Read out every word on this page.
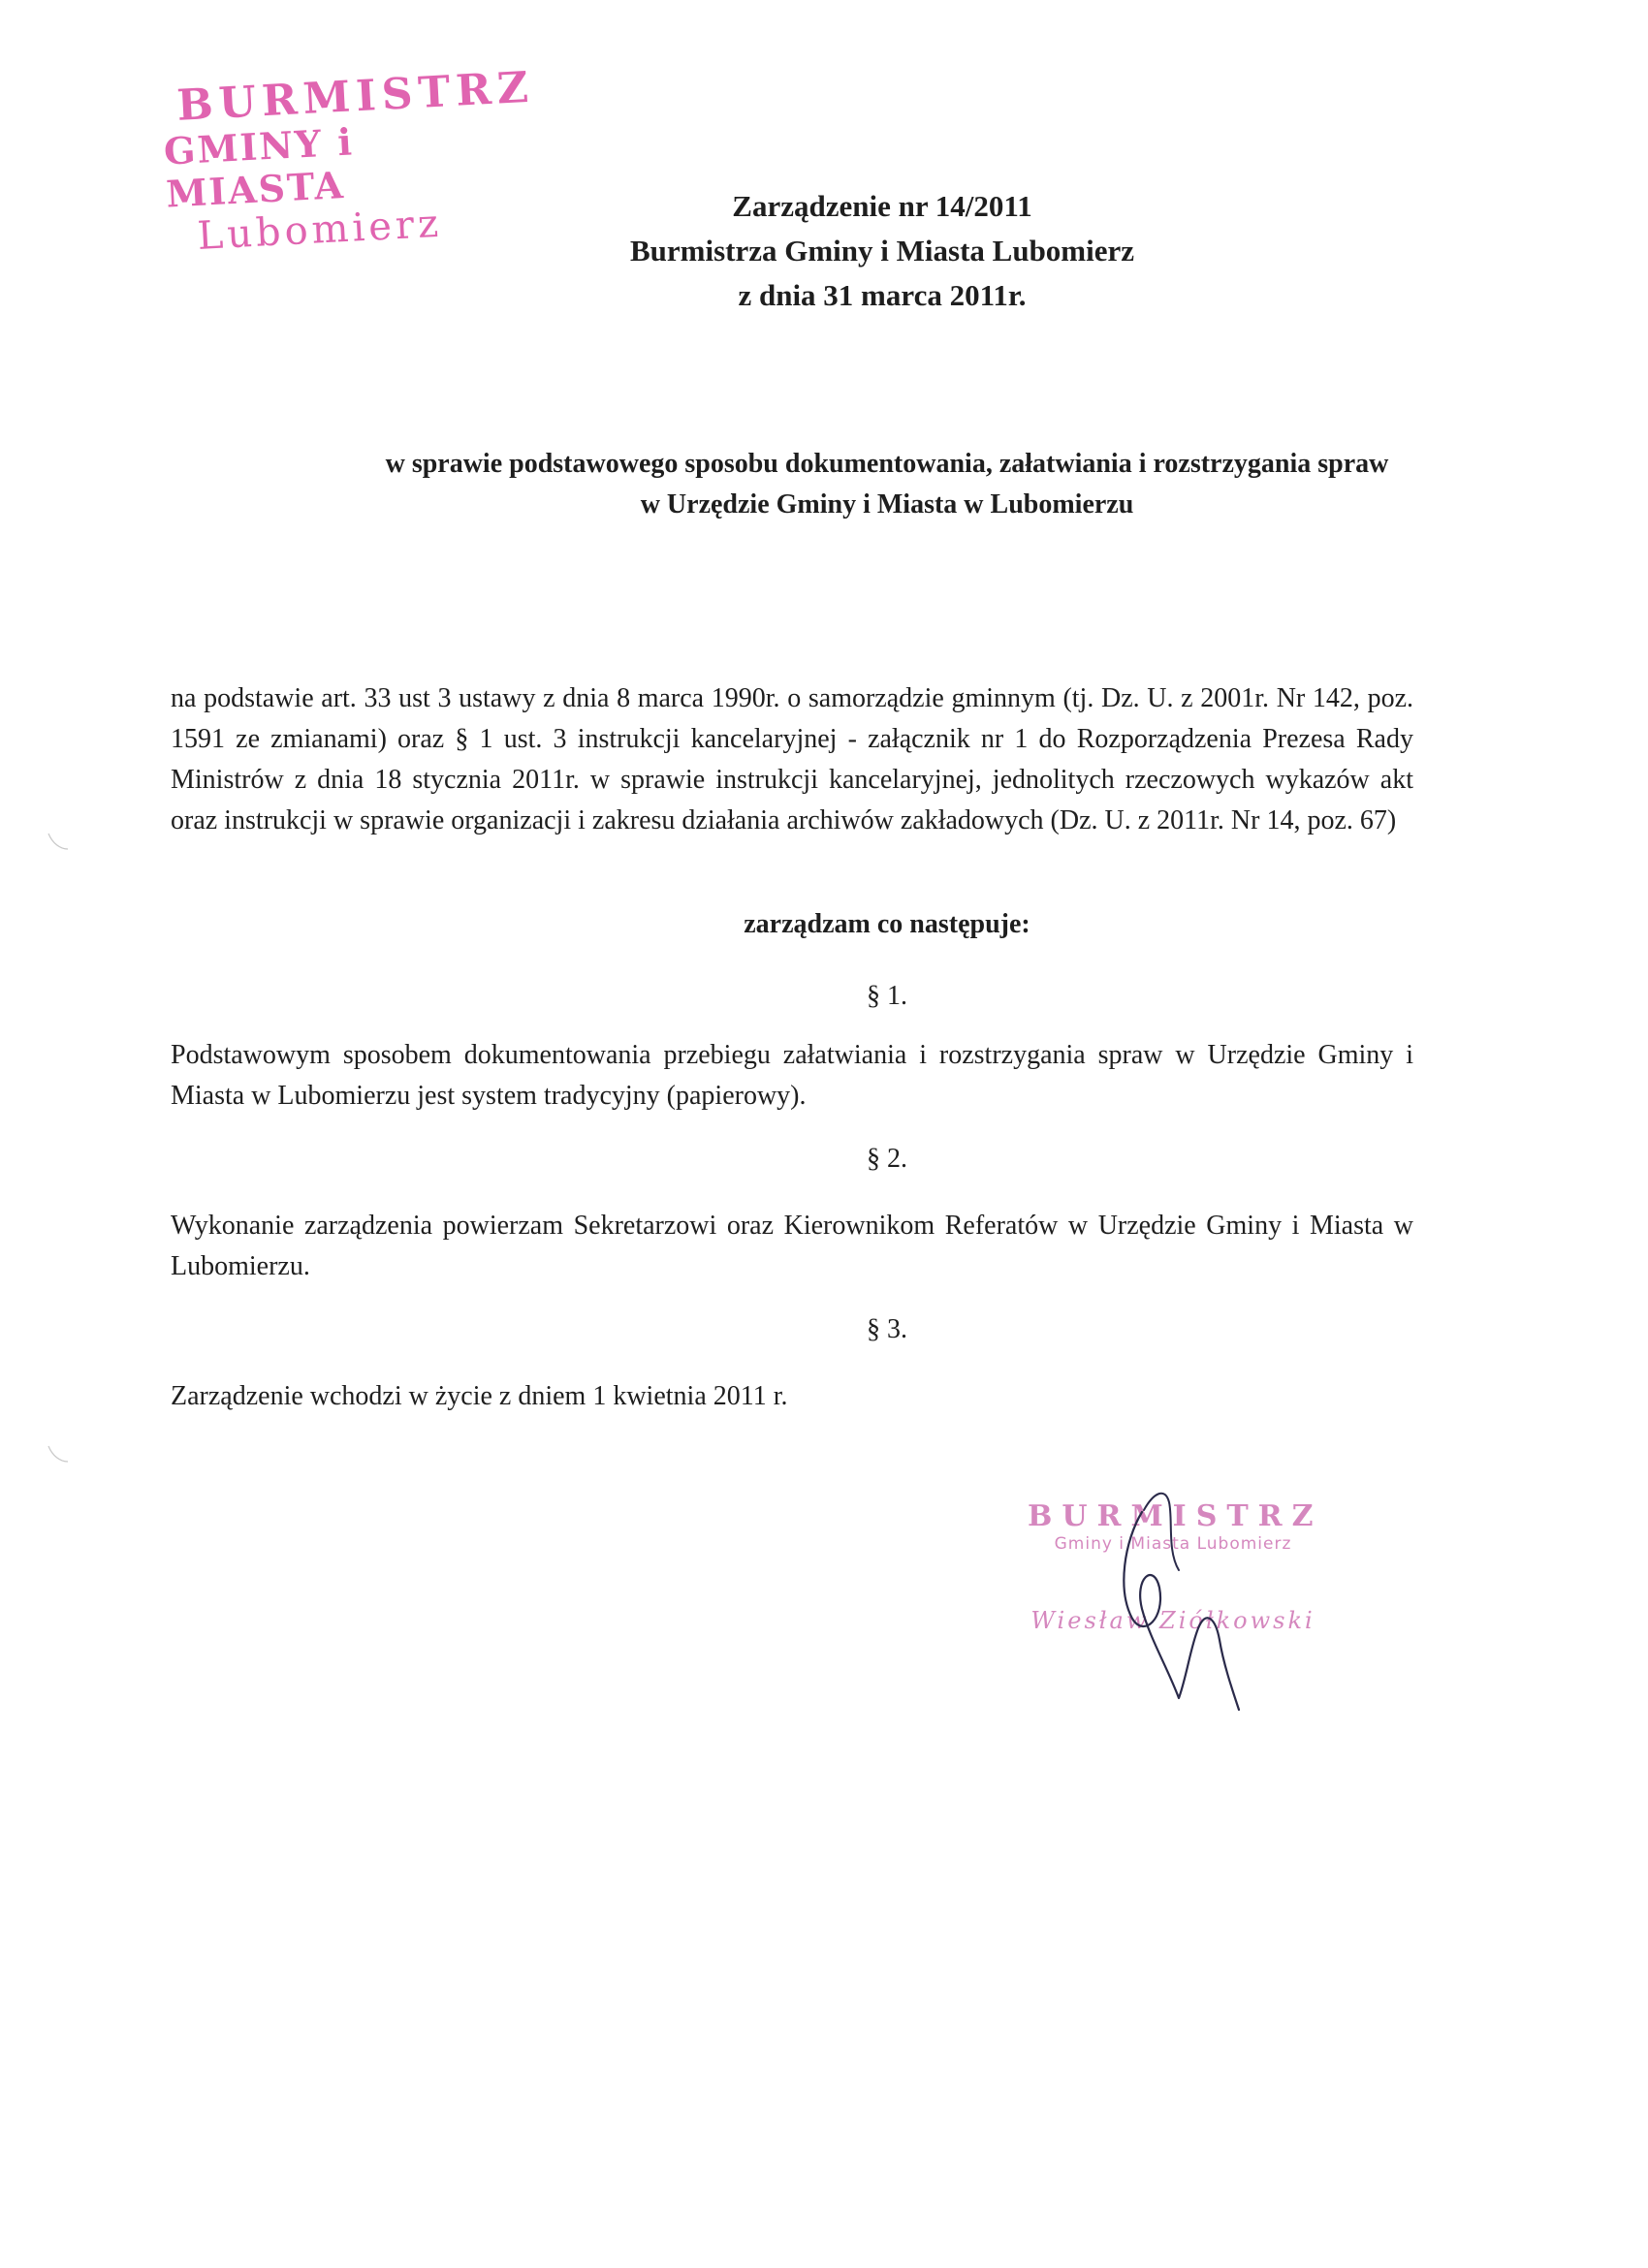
BURMISTRZ
GMINY i MIASTA
Lubomierz	Zarządzenie nr 14/2011
Burmistrza Gminy i Miasta Lubomierz
z dnia 31 marca 2011r.
w sprawie podstawowego sposobu dokumentowania, załatwiania i rozstrzygania spraw
w Urzędzie Gminy i Miasta w Lubomierzu
na podstawie art. 33 ust 3 ustawy z dnia 8 marca 1990r. o samorządzie gminnym (tj. Dz. U. z 2001r. Nr 142, poz. 1591 ze zmianami) oraz § 1 ust. 3 instrukcji kancelaryjnej - załącznik nr 1 do Rozporządzenia Prezesa Rady Ministrów z dnia 18 stycznia 2011r. w sprawie instrukcji kancelaryjnej, jednolitych rzeczowych wykazów akt oraz instrukcji w sprawie organizacji i zakresu działania archiwów zakładowych (Dz. U. z 2011r. Nr 14, poz. 67)
zarządzam co następuje:
§ 1.
Podstawowym sposobem dokumentowania przebiegu załatwiania i rozstrzygania spraw w Urzędzie Gminy i Miasta w Lubomierzu jest system tradycyjny (papierowy).
§ 2.
Wykonanie zarządzenia powierzam Sekretarzowi oraz Kierownikom Referatów w Urzędzie Gminy i Miasta w Lubomierzu.
§ 3.
Zarządzenie wchodzi w życie z dniem 1 kwietnia 2011 r.
BURMISTRZ
Gminy i Miasta Lubomierz
Wiesław Ziółkowski
